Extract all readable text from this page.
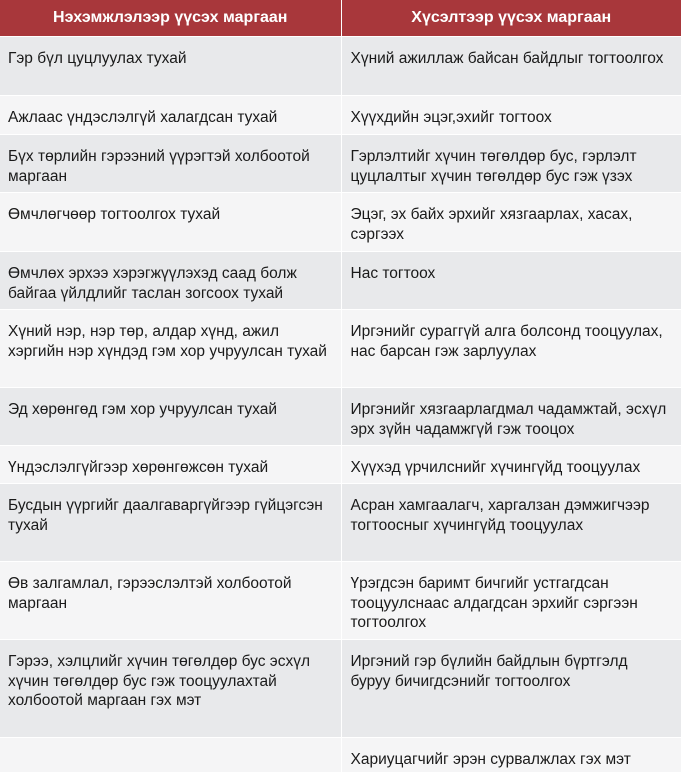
Нэхэмжлэлээр үүсэх маргаан	Хүсэлтээр үүсэх маргаан
Гэр бүл цуцлуулах тухай	Хүний ажиллаж байсан байдлыг тогтоолгох
Ажлаас үндэслэлгүй халагдсан тухай	Хүүхдийн эцэг,эхийг тогтоох
Бүх төрлийн гэрээний үүрэгтэй холбоотой маргаан	Гэрлэлтийг хүчин төгөлдөр бус, гэрлэлт цуцлалтыг хүчин төгөлдөр бус гэж үзэх
Өмчлөгчөөр тогтоолгох тухай	Эцэг, эх байх эрхийг хязгаарлах, хасах, сэргээх
Өмчлөх эрхээ хэрэгжүүлэхэд саад болж байгаа үйлдлийг таслан зогсоох тухай	Нас тогтоох
Хүний нэр, нэр төр, алдар хүнд, ажил хэргийн нэр хүндэд гэм хор учруулсан тухай	Иргэнийг сураггүй алга болсонд тооцуулах, нас барсан гэж зарлуулах
Эд хөрөнгөд гэм хор учруулсан тухай	Иргэнийг хязгаарлагдмал чадамжтай, эсхүл эрх зүйн чадамжгүй гэж тооцох
Үндэслэлгүйгээр хөрөнгөжсөн тухай	Хүүхэд үрчилснийг хүчингүйд тооцуулах
Бусдын үүргийг даалгаваргүйгээр гүйцэгсэн тухай	Асран хамгаалагч, харгалзан дэмжигчээр тогтоосныг хүчингүйд тооцуулах
Өв залгамлал, гэрээслэлтэй холбоотой маргаан	Үрэгдсэн баримт бичгийг устгагдсан тооцуулснаас алдагдсан эрхийг сэргээн тогтоолгох
Гэрээ, хэлцлийг хүчин төгөлдөр бус эсхүл хүчин төгөлдөр бус гэж тооцуулахтай холбоотой маргаан гэх мэт	Иргэний гэр бүлийн байдлын бүртгэлд буруу бичигдсэнийг тогтоолгох
	Хариуцагчийг эрэн сурвалжлах гэх мэт
